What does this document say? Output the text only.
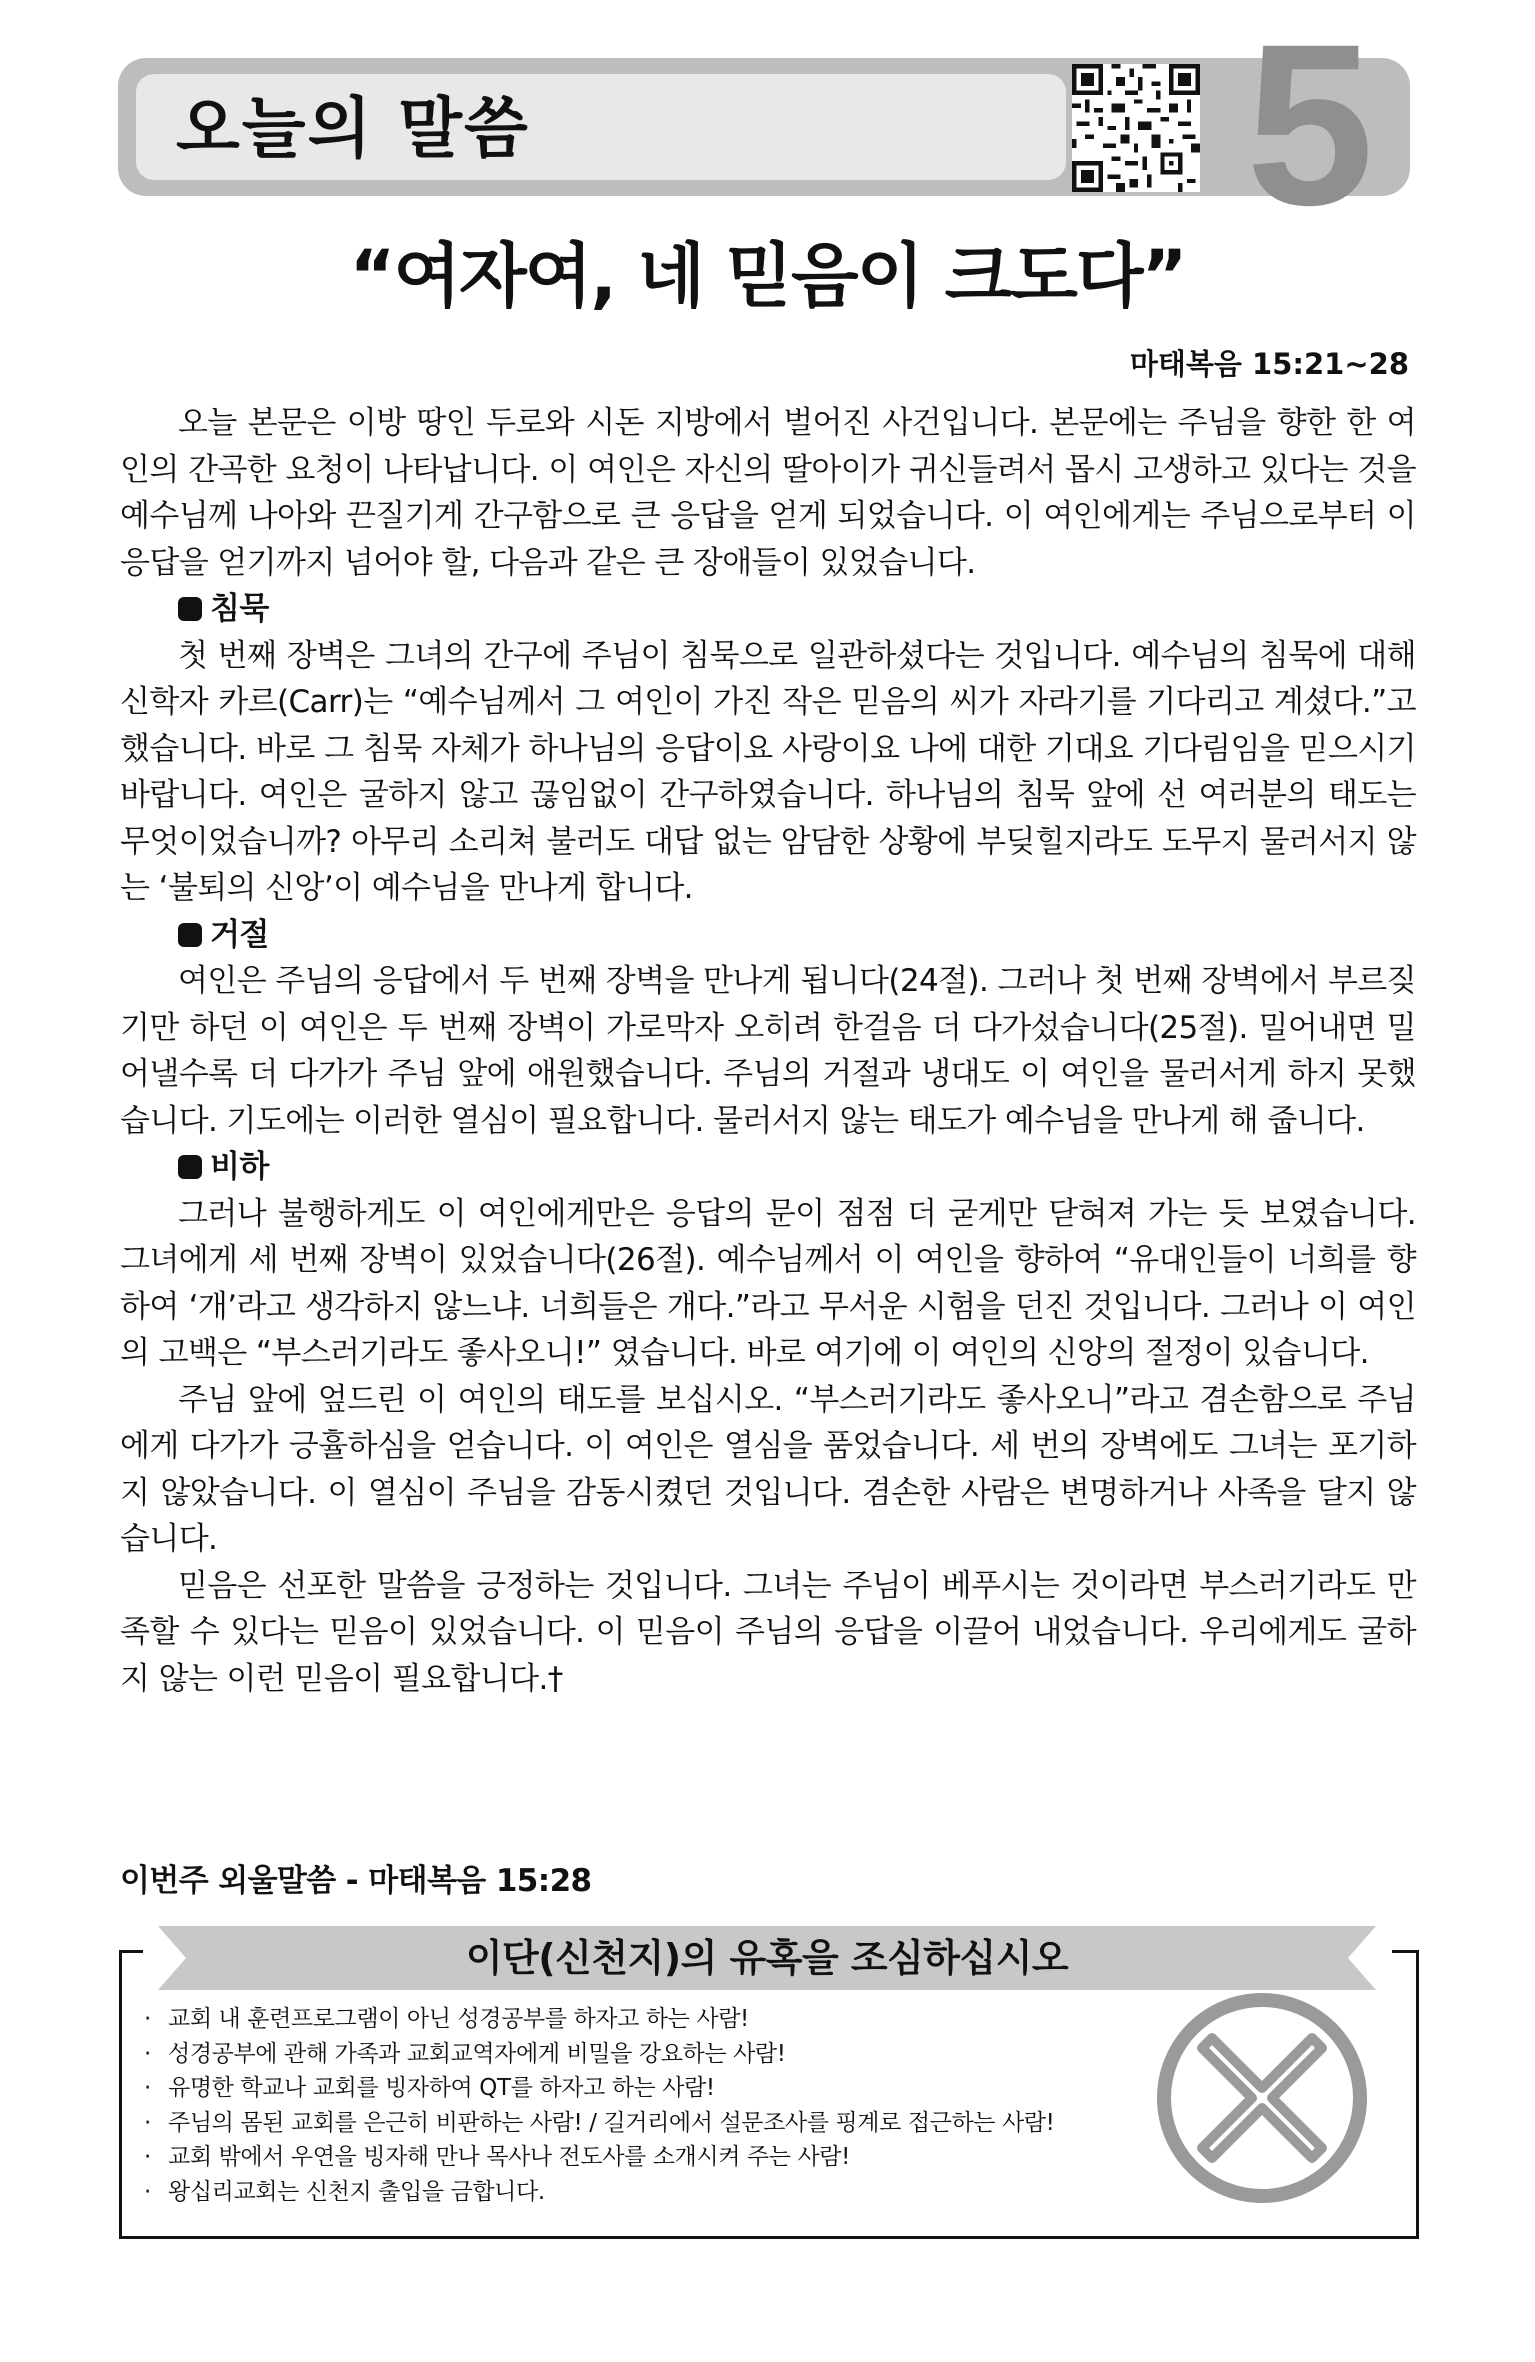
오늘의 말씀	5
“여자여, 네 믿음이 크도다”
마태복음 15:21~28

오늘 본문은 이방 땅인 두로와 시돈 지방에서 벌어진 사건입니다. 본문에는 주님을 향한 한 여인의 간곡한 요청이 나타납니다. 이 여인은 자신의 딸아이가 귀신들려서 몹시 고생하고 있다는 것을 예수님께 나아와 끈질기게 간구함으로 큰 응답을 얻게 되었습니다. 이 여인에게는 주님으로부터 이 응답을 얻기까지 넘어야 할, 다음과 같은 큰 장애들이 있었습니다.

침묵

첫 번째 장벽은 그녀의 간구에 주님이 침묵으로 일관하셨다는 것입니다. 예수님의 침묵에 대해 신학자 카르(Carr)는 “예수님께서 그 여인이 가진 작은 믿음의 씨가 자라기를 기다리고 계셨다.”고 했습니다. 바로 그 침묵 자체가 하나님의 응답이요 사랑이요 나에 대한 기대요 기다림임을 믿으시기 바랍니다. 여인은 굴하지 않고 끊임없이 간구하였습니다. 하나님의 침묵 앞에 선 여러분의 태도는 무엇이었습니까? 아무리 소리쳐 불러도 대답 없는 암담한 상황에 부딪힐지라도 도무지 물러서지 않는 ‘불퇴의 신앙’이 예수님을 만나게 합니다.

거절

여인은 주님의 응답에서 두 번째 장벽을 만나게 됩니다(24절). 그러나 첫 번째 장벽에서 부르짖기만 하던 이 여인은 두 번째 장벽이 가로막자 오히려 한걸음 더 다가섰습니다(25절). 밀어내면 밀어낼수록 더 다가가 주님 앞에 애원했습니다. 주님의 거절과 냉대도 이 여인을 물러서게 하지 못했습니다. 기도에는 이러한 열심이 필요합니다. 물러서지 않는 태도가 예수님을 만나게 해 줍니다.

비하

그러나 불행하게도 이 여인에게만은 응답의 문이 점점 더 굳게만 닫혀져 가는 듯 보였습니다. 그녀에게 세 번째 장벽이 있었습니다(26절). 예수님께서 이 여인을 향하여 “유대인들이 너희를 향하여 ‘개’라고 생각하지 않느냐. 너희들은 개다.”라고 무서운 시험을 던진 것입니다. 그러나 이 여인의 고백은 “부스러기라도 좋사오니!” 였습니다. 바로 여기에 이 여인의 신앙의 절정이 있습니다.

주님 앞에 엎드린 이 여인의 태도를 보십시오. “부스러기라도 좋사오니”라고 겸손함으로 주님에게 다가가 긍휼하심을 얻습니다. 이 여인은 열심을 품었습니다. 세 번의 장벽에도 그녀는 포기하지 않았습니다. 이 열심이 주님을 감동시켰던 것입니다. 겸손한 사람은 변명하거나 사족을 달지 않습니다.

믿음은 선포한 말씀을 긍정하는 것입니다. 그녀는 주님이 베푸시는 것이라면 부스러기라도 만족할 수 있다는 믿음이 있었습니다. 이 믿음이 주님의 응답을 이끌어 내었습니다. 우리에게도 굴하지 않는 이런 믿음이 필요합니다.†

이번주 외울말씀 - 마태복음 15:28
이단(신천지)의 유혹을 조심하십시오
· 교회 내 훈련프로그램이 아닌 성경공부를 하자고 하는 사람!
· 성경공부에 관해 가족과 교회교역자에게 비밀을 강요하는 사람!
· 유명한 학교나 교회를 빙자하여 QT를 하자고 하는 사람!
· 주님의 몸된 교회를 은근히 비판하는 사람! / 길거리에서 설문조사를 핑계로 접근하는 사람!
· 교회 밖에서 우연을 빙자해 만나 목사나 전도사를 소개시켜 주는 사람!
· 왕십리교회는 신천지 출입을 금합니다.
